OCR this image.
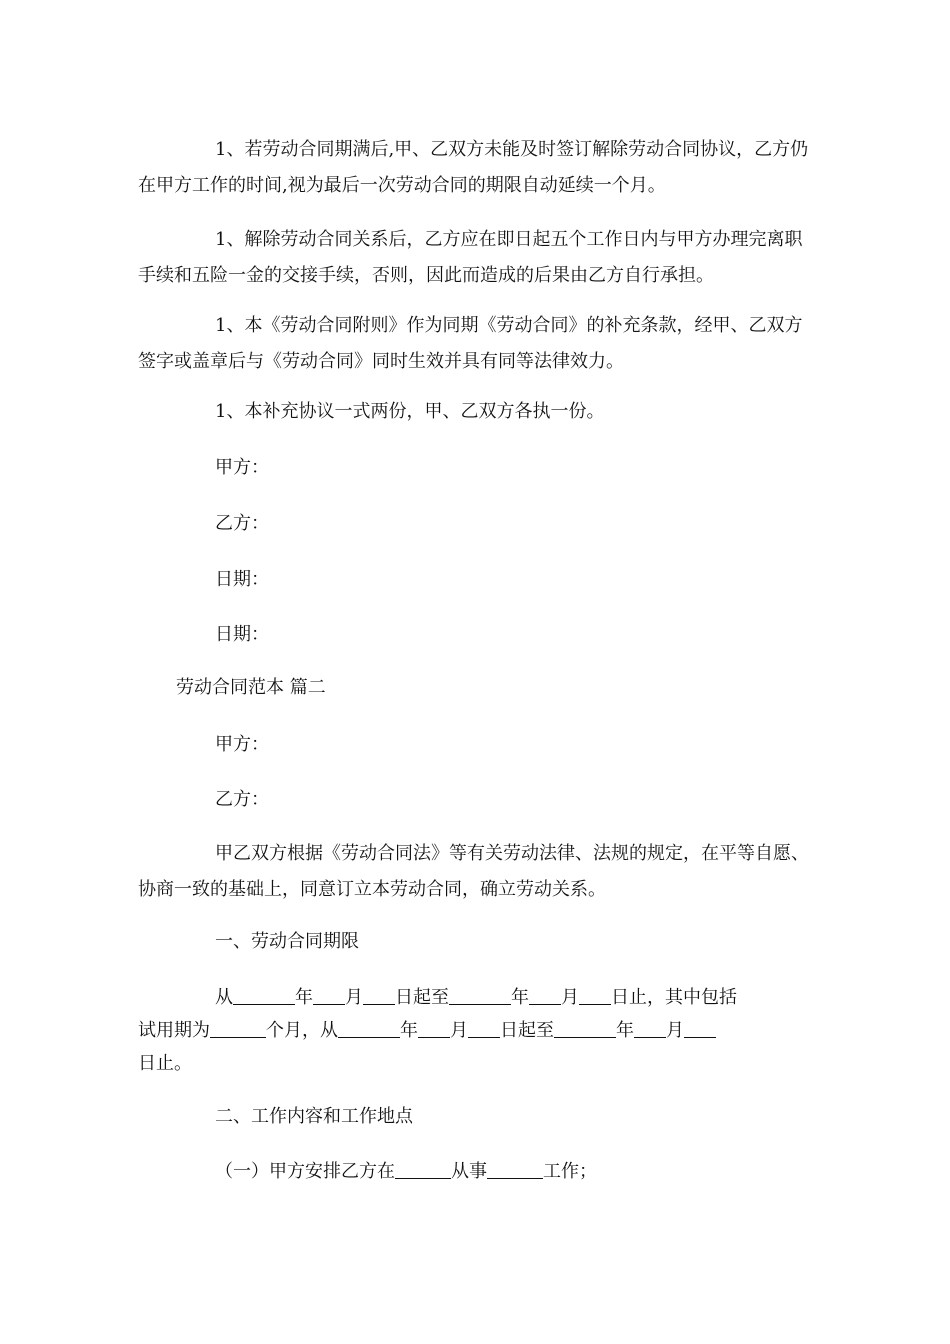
1、若劳动合同期满后,甲、乙双方未能及时签订解除劳动合同协议，乙方仍在甲方工作的时间,视为最后一次劳动合同的期限自动延续一个月。
1、解除劳动合同关系后，乙方应在即日起五个工作日内与甲方办理完离职手续和五险一金的交接手续，否则，因此而造成的后果由乙方自行承担。
1、本《劳动合同附则》作为同期《劳动合同》的补充条款，经甲、乙双方签字或盖章后与《劳动合同》同时生效并具有同等法律效力。
1、本补充协议一式两份，甲、乙双方各执一份。
甲方：
乙方：
日期：
日期：
劳动合同范本 篇二
甲方：
乙方：
甲乙双方根据《劳动合同法》等有关劳动法律、法规的规定，在平等自愿、协商一致的基础上，同意订立本劳动合同，确立劳动关系。
一、劳动合同期限
从	年 月 日起至	年 月 日止，其中包括
试用期为	个月，从	年 月 日起至	年 月
日止。
二、工作内容和工作地点
（一）甲方安排乙方在	从事	工作；
